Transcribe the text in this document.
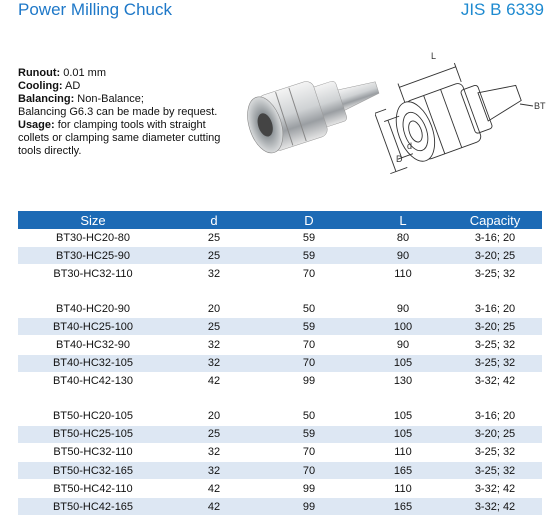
Power Milling Chuck	JIS B 6339
Runout: 0.01 mm
Cooling: AD
Balancing: Non-Balance;
Balancing G6.3 can be made by request.
Usage: for clamping tools with straight collets or clamping same diameter cutting tools directly.
BT
L
D
d
Size	d	D	L	Capacity
BT30-HC20-80	25	59	80	3-16; 20
BT30-HC25-90	25	59	90	3-20; 25
BT30-HC32-110	32	70	110	3-25; 32

BT40-HC20-90	20	50	90	3-16; 20
BT40-HC25-100	25	59	100	3-20; 25
BT40-HC32-90	32	70	90	3-25; 32
BT40-HC32-105	32	70	105	3-25; 32
BT40-HC42-130	42	99	130	3-32; 42

BT50-HC20-105	20	50	105	3-16; 20
BT50-HC25-105	25	59	105	3-20; 25
BT50-HC32-110	32	70	110	3-25; 32
BT50-HC32-165	32	70	165	3-25; 32
BT50-HC42-110	42	99	110	3-32; 42
BT50-HC42-165	42	99	165	3-32; 42
